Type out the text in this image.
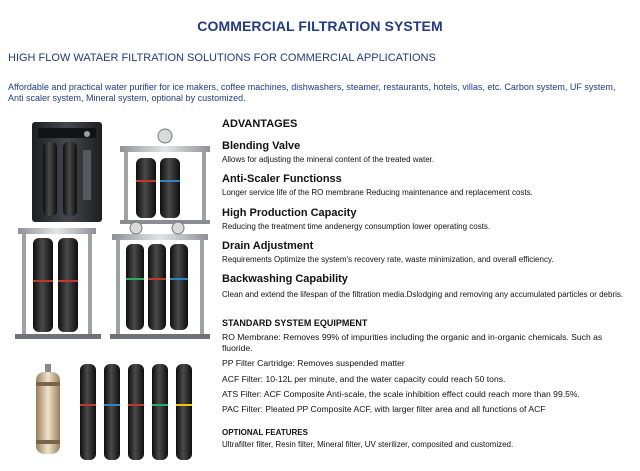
COMMERCIAL FILTRATION SYSTEM
HIGH FLOW WATAER FILTRATION SOLUTIONS FOR COMMERCIAL APPLICATIONS
Affordable and practical water purifier for ice makers, coffee machines, dishwashers, steamer, restaurants, hotels, villas, etc. Carbon system, UF system, Anti scaler system, Mineral system, optional by customized.
ADVANTAGES
Blending Valve
Allows for adjusting the mineral content of the treated water.
Anti-Scaler Functionss
Longer service life of the RO membrane Reducing maintenance and replacement costs.
High Production Capacity
Reducing the treatment time andenergy consumption lower operating costs.
Drain Adjustment
Requirements Optimize the system's recovery rate, waste minimization, and overall efficiency.
Backwashing Capability
Clean and extend the lifespan of the filtration media.Dslodging and removing any accumulated particles or debris.
STANDARD SYSTEM EQUIPMENT
RO Membrane: Removes 99% of impurities including the organic and in-organic chemicals. Such as fluoride.
PP Filter Cartridge: Removes suspended matter
ACF Filter: 10-12L per minute, and the water capacity could reach 50 tons.
ATS Filter: ACF Composite Anti-scale, the scale inhibition effect could reach more than 99.5%.
PAC Filter: Pleated PP Composite ACF, with larger filter area and all functions of ACF
OPTIONAL FEATURES
Ultrafilter filter, Resin filter, Mineral filter, UV sterilizer, composited and customized.
